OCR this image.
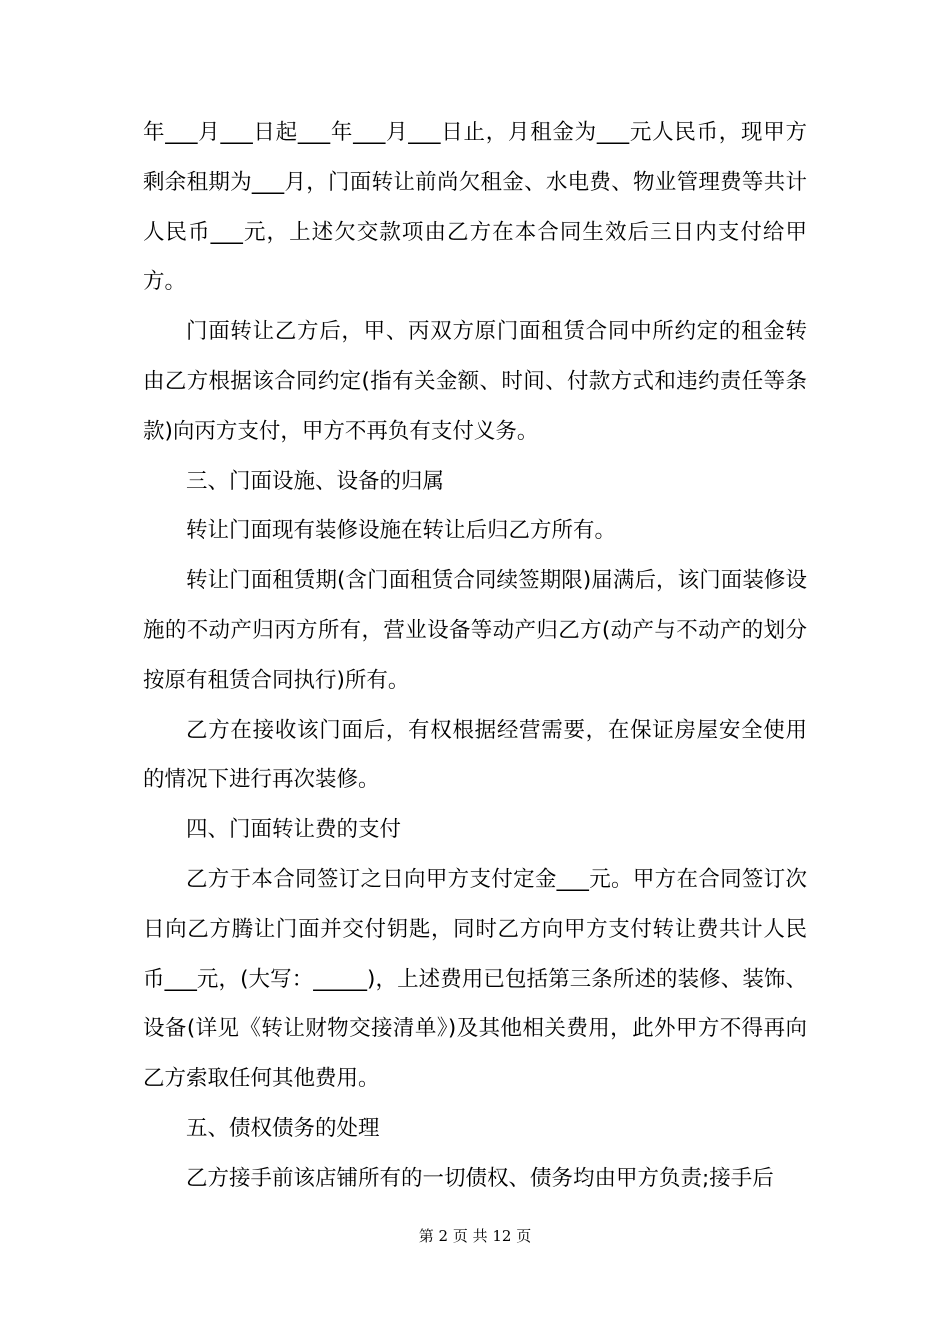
年___月___日起___年___月___日止，月租金为___元人民币，现甲方剩余租期为___月，门面转让前尚欠租金、水电费、物业管理费等共计人民币___元，上述欠交款项由乙方在本合同生效后三日内支付给甲方。

门面转让乙方后，甲、丙双方原门面租赁合同中所约定的租金转由乙方根据该合同约定(指有关金额、时间、付款方式和违约责任等条款)向丙方支付，甲方不再负有支付义务。

三、门面设施、设备的归属

转让门面现有装修设施在转让后归乙方所有。

转让门面租赁期(含门面租赁合同续签期限)届满后，该门面装修设施的不动产归丙方所有，营业设备等动产归乙方(动产与不动产的划分按原有租赁合同执行)所有。

乙方在接收该门面后，有权根据经营需要，在保证房屋安全使用的情况下进行再次装修。

四、门面转让费的支付

乙方于本合同签订之日向甲方支付定金___元。甲方在合同签订次日向乙方腾让门面并交付钥匙，同时乙方向甲方支付转让费共计人民币___元，(大写：_____)，上述费用已包括第三条所述的装修、装饰、设备(详见《转让财物交接清单》)及其他相关费用，此外甲方不得再向乙方索取任何其他费用。

五、债权债务的处理

乙方接手前该店铺所有的一切债权、债务均由甲方负责;接手后

第 2 页 共 12 页
